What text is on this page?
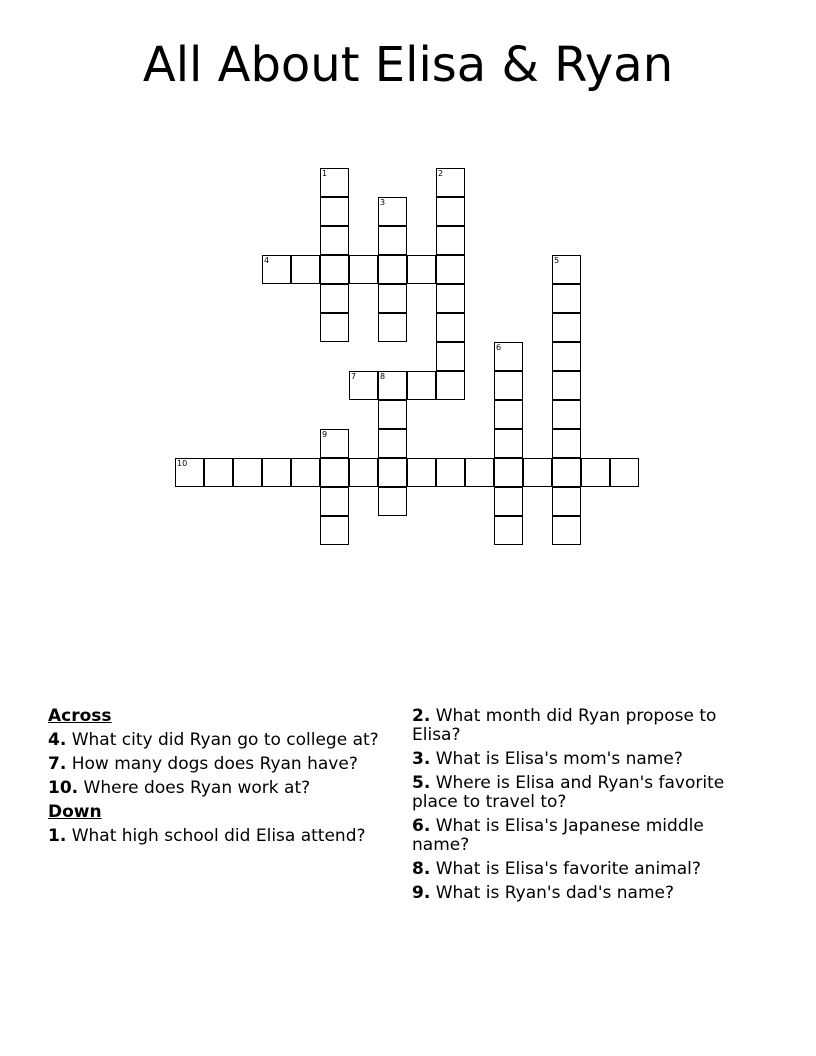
All About Elisa & Ryan
1	2
3
4	5
6
7	8
9
10
Across
4. What city did Ryan go to college at?
7. How many dogs does Ryan have?
10. Where does Ryan work at?
Down
1. What high school did Elisa attend?
2. What month did Ryan propose to Elisa?
3. What is Elisa's mom's name?
5. Where is Elisa and Ryan's favorite place to travel to?
6. What is Elisa's Japanese middle name?
8. What is Elisa's favorite animal?
9. What is Ryan's dad's name?
